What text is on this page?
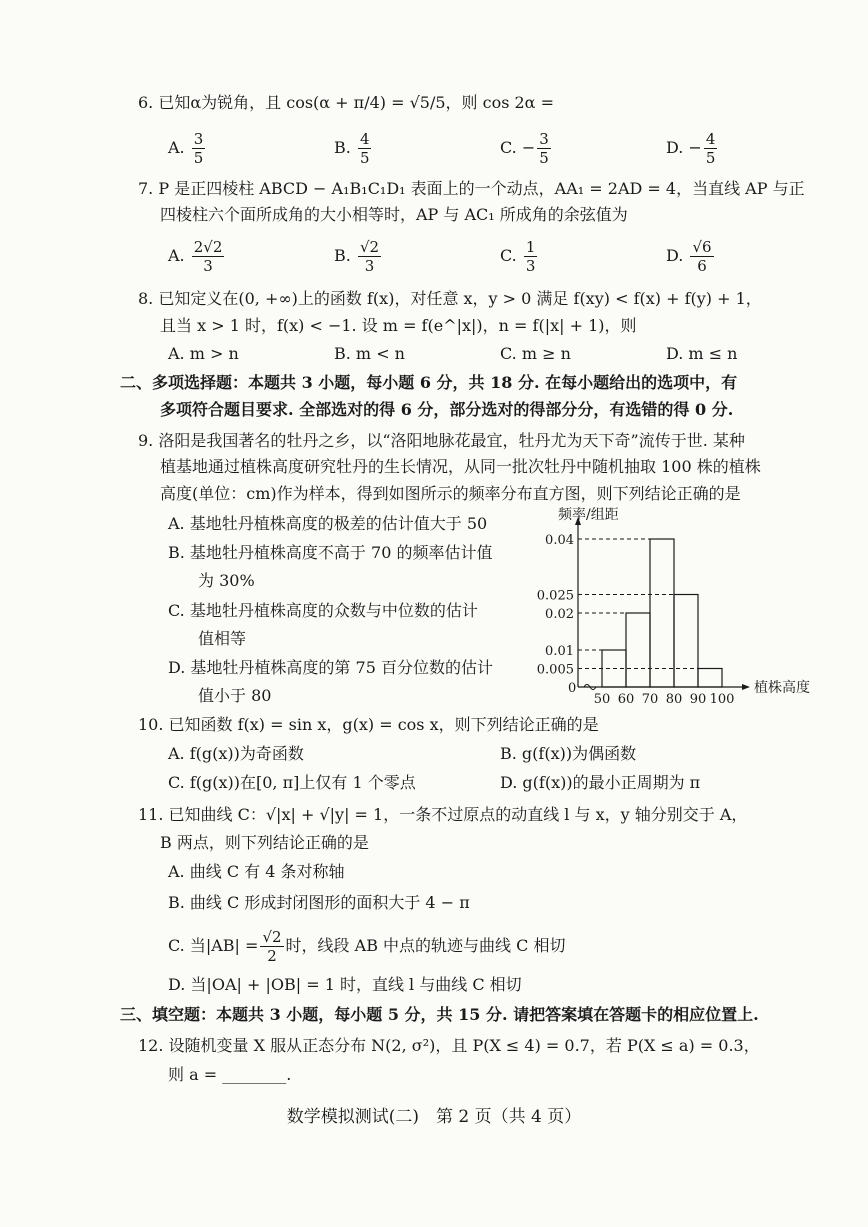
6. 已知α为锐角，且 cos(α + π/4) = √5/5，则 cos 2α =
A. $\frac{3}{5}$	B. $\frac{4}{5}$	C. − $\frac{3}{5}$	D. − $\frac{4}{5}$
7. P 是正四棱柱 ABCD − A₁B₁C₁D₁ 表面上的一个动点，AA₁ = 2AD = 4，当直线 AP 与正
四棱柱六个面所成角的大小相等时，AP 与 AC₁ 所成角的余弦值为
A. $\frac{2√2}{3}$	B. $\frac{√2}{3}$	C. $\frac{1}{3}$	D. $\frac{√6}{6}$
8. 已知定义在(0, +∞)上的函数 f(x)，对任意 x，y > 0 满足 f(xy) < f(x) + f(y) + 1，
且当 x > 1 时，f(x) < −1. 设 m = f(e^|x|)，n = f(|x| + 1)，则
A. m > n	B. m < n	C. m ≥ n	D. m ≤ n
二、多项选择题：本题共 3 小题，每小题 6 分，共 18 分. 在每小题给出的选项中，有
多项符合题目要求. 全部选对的得 6 分，部分选对的得部分分，有选错的得 0 分.
9. 洛阳是我国著名的牡丹之乡，以“洛阳地脉花最宜，牡丹尤为天下奇”流传于世. 某种
植基地通过植株高度研究牡丹的生长情况，从同一批次牡丹中随机抽取 100 株的植株
高度(单位：cm)作为样本，得到如图所示的频率分布直方图，则下列结论正确的是
A. 基地牡丹植株高度的极差的估计值大于 50
B. 基地牡丹植株高度不高于 70 的频率估计值
为 30%
C. 基地牡丹植株高度的众数与中位数的估计
值相等
D. 基地牡丹植株高度的第 75 百分位数的估计
值小于 80
频率/组距
植株高度
0
0.04
0.025
0.02
0.01
0.005
50 60 70 80 90 100
10. 已知函数 f(x) = sin x，g(x) = cos x，则下列结论正确的是
A. f(g(x))为奇函数	B. g(f(x))为偶函数
C. f(g(x))在[0, π]上仅有 1 个零点	D. g(f(x))的最小正周期为 π
11. 已知曲线 C：√|x| + √|y| = 1，一条不过原点的动直线 l 与 x，y 轴分别交于 A，
B 两点，则下列结论正确的是
A. 曲线 C 有 4 条对称轴
B. 曲线 C 形成封闭图形的面积大于 4 − π
C. 当$|AB| = \frac{√2}{2}$ 时，线段 AB 中点的轨迹与曲线 C 相切
D. 当|OA| + |OB| = 1 时，直线 l 与曲线 C 相切
三、填空题：本题共 3 小题，每小题 5 分，共 15 分. 请把答案填在答题卡的相应位置上.
12. 设随机变量 X 服从正态分布 N(2, σ²)，且 P(X ≤ 4) = 0.7，若 P(X ≤ a) = 0.3，
则 a = ________.
数学模拟测试(二)　第 2 页（共 4 页）
